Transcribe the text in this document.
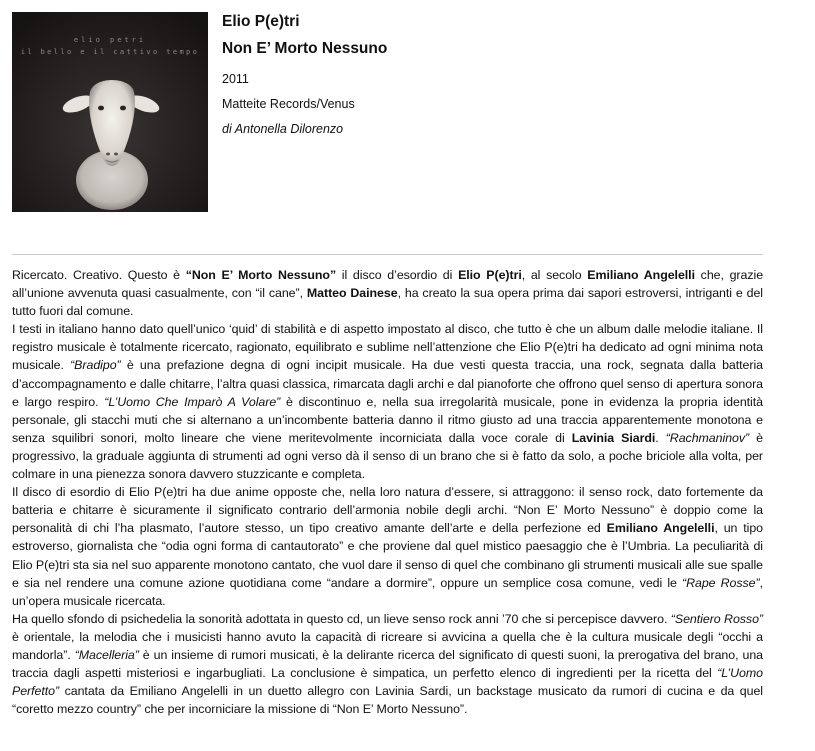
elio petri
il bello e il cattivo tempo

Elio P(e)tri

Non E’ Morto Nessuno

2011

Matteite Records/Venus

di Antonella Dilorenzo

Ricercato. Creativo. Questo è “Non E’ Morto Nessuno” il disco d’esordio di Elio P(e)tri, al secolo Emiliano Angelelli che, grazie all’unione avvenuta quasi casualmente, con “il cane”, Matteo Dainese, ha creato la sua opera prima dai sapori estroversi, intriganti e del tutto fuori dal comune.

I testi in italiano hanno dato quell’unico ‘quid’ di stabilità e di aspetto impostato al disco, che tutto è che un album dalle melodie italiane. Il registro musicale è totalmente ricercato, ragionato, equilibrato e sublime nell’attenzione che Elio P(e)tri ha dedicato ad ogni minima nota musicale. “Bradipo” è una prefazione degna di ogni incipit musicale. Ha due vesti questa traccia, una rock, segnata dalla batteria d’accompagnamento e dalle chitarre, l’altra quasi classica, rimarcata dagli archi e dal pianoforte che offrono quel senso di apertura sonora e largo respiro. “L’Uomo Che Imparò A Volare” è discontinuo e, nella sua irregolarità musicale, pone in evidenza la propria identità personale, gli stacchi muti che si alternano a un’incombente batteria danno il ritmo giusto ad una traccia apparentemente monotona e senza squilibri sonori, molto lineare che viene meritevolmente incorniciata dalla voce corale di Lavinia Siardi. “Rachmaninov” è progressivo, la graduale aggiunta di strumenti ad ogni verso dà il senso di un brano che si è fatto da solo, a poche briciole alla volta, per colmare in una pienezza sonora davvero stuzzicante e completa.

Il disco di esordio di Elio P(e)tri ha due anime opposte che, nella loro natura d’essere, si attraggono: il senso rock, dato fortemente da batteria e chitarre è sicuramente il significato contrario dell’armonia nobile degli archi. “Non E’ Morto Nessuno” è doppio come la personalità di chi l’ha plasmato, l’autore stesso, un tipo creativo amante dell’arte e della perfezione ed Emiliano Angelelli, un tipo estroverso, giornalista che “odia ogni forma di cantautorato” e che proviene dal quel mistico paesaggio che è l’Umbria. La peculiarità di Elio P(e)tri sta sia nel suo apparente monotono cantato, che vuol dare il senso di quel che combinano gli strumenti musicali alle sue spalle e sia nel rendere una comune azione quotidiana come “andare a dormire”, oppure un semplice cosa comune, vedi le “Rape Rosse”, un’opera musicale ricercata.

Ha quello sfondo di psichedelia la sonorità adottata in questo cd, un lieve senso rock anni ’70 che si percepisce davvero. “Sentiero Rosso” è orientale, la melodia che i musicisti hanno avuto la capacità di ricreare si avvicina a quella che è la cultura musicale degli “occhi a mandorla”. “Macelleria” è un insieme di rumori musicati, è la delirante ricerca del significato di questi suoni, la prerogativa del brano, una traccia dagli aspetti misteriosi e ingarbugliati. La conclusione è simpatica, un perfetto elenco di ingredienti per la ricetta del “L’Uomo Perfetto” cantata da Emiliano Angelelli in un duetto allegro con Lavinia Sardi, un backstage musicato da rumori di cucina e da quel “coretto mezzo country” che per incorniciare la missione di “Non E’ Morto Nessuno”.
